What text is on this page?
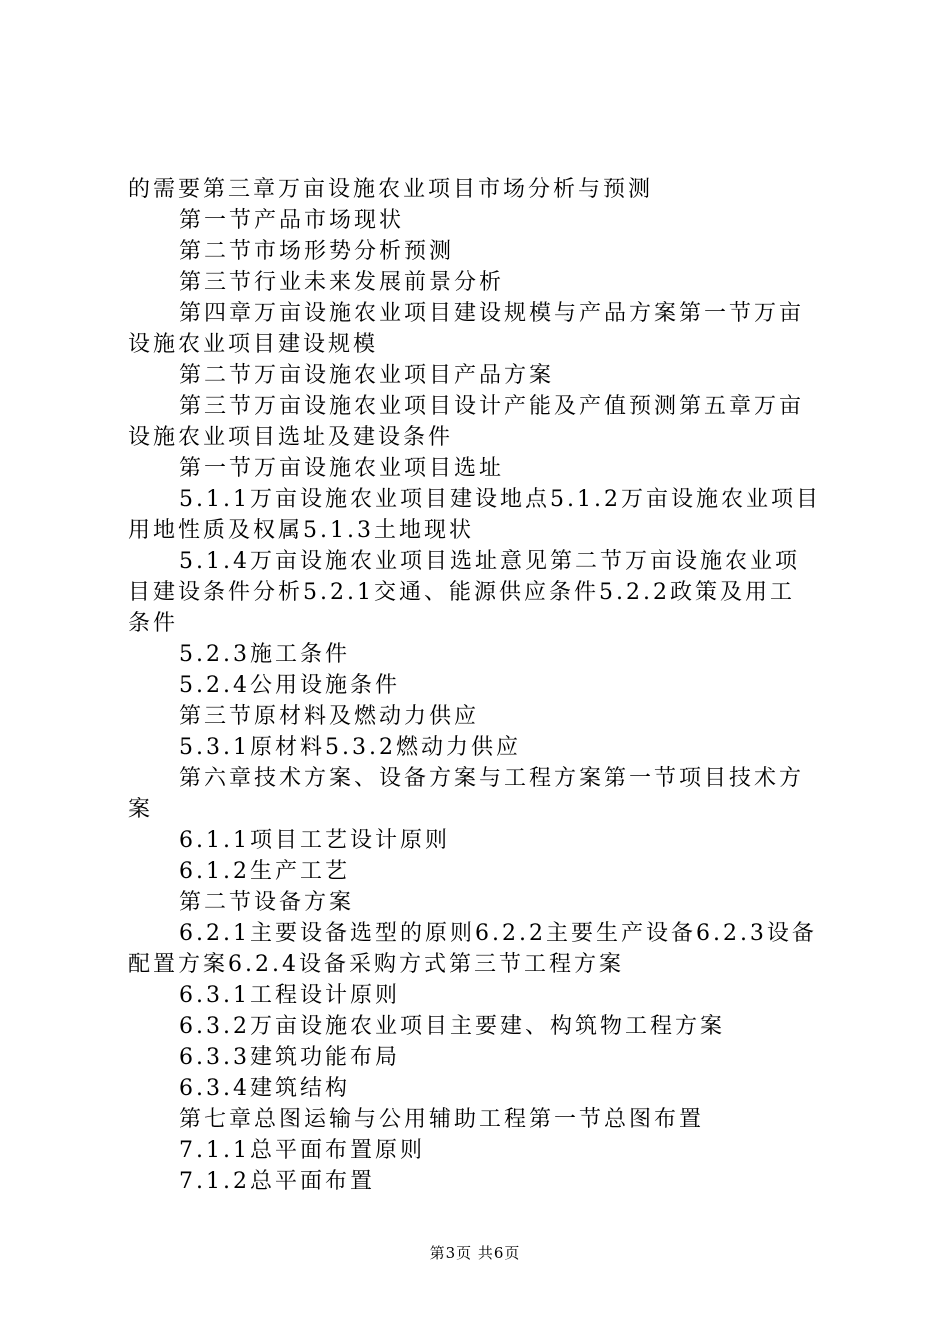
的需要第三章万亩设施农业项目市场分析与预测
第一节产品市场现状
第二节市场形势分析预测
第三节行业未来发展前景分析
第四章万亩设施农业项目建设规模与产品方案第一节万亩
设施农业项目建设规模
第二节万亩设施农业项目产品方案
第三节万亩设施农业项目设计产能及产值预测第五章万亩
设施农业项目选址及建设条件
第一节万亩设施农业项目选址
5.1.1万亩设施农业项目建设地点5.1.2万亩设施农业项目
用地性质及权属5.1.3土地现状
5.1.4万亩设施农业项目选址意见第二节万亩设施农业项
目建设条件分析5.2.1交通、能源供应条件5.2.2政策及用工
条件
5.2.3施工条件
5.2.4公用设施条件
第三节原材料及燃动力供应
5.3.1原材料5.3.2燃动力供应
第六章技术方案、设备方案与工程方案第一节项目技术方
案
6.1.1项目工艺设计原则
6.1.2生产工艺
第二节设备方案
6.2.1主要设备选型的原则6.2.2主要生产设备6.2.3设备
配置方案6.2.4设备采购方式第三节工程方案
6.3.1工程设计原则
6.3.2万亩设施农业项目主要建、构筑物工程方案
6.3.3建筑功能布局
6.3.4建筑结构
第七章总图运输与公用辅助工程第一节总图布置
7.1.1总平面布置原则
7.1.2总平面布置
第3页 共6页
